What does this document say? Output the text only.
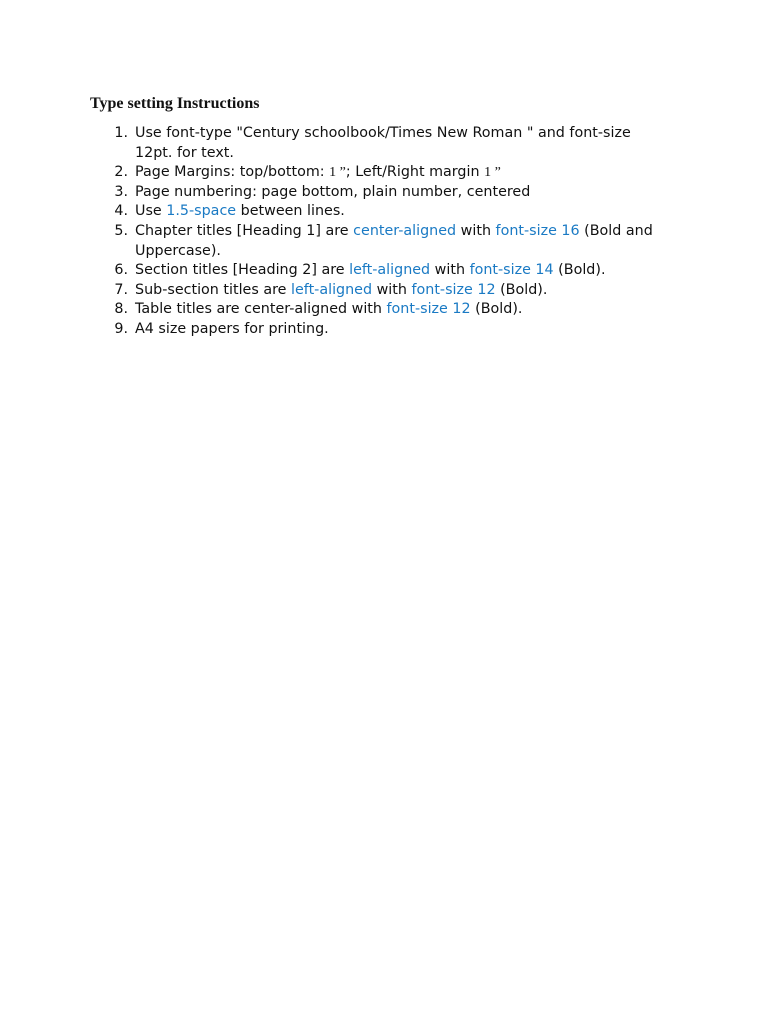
Type setting Instructions
1. Use font-type "Century schoolbook/Times New Roman " and font-size 12pt. for text.
2. Page Margins: top/bottom: 1 ”; Left/Right margin 1 ”
3. Page numbering: page bottom, plain number, centered
4. Use 1.5-space between lines.
5. Chapter titles [Heading 1] are center-aligned with font-size 16 (Bold and Uppercase).
6. Section titles [Heading 2] are left-aligned with font-size 14 (Bold).
7. Sub-section titles are left-aligned with font-size 12 (Bold).
8. Table titles are center-aligned with font-size 12 (Bold).
9. A4 size papers for printing.
